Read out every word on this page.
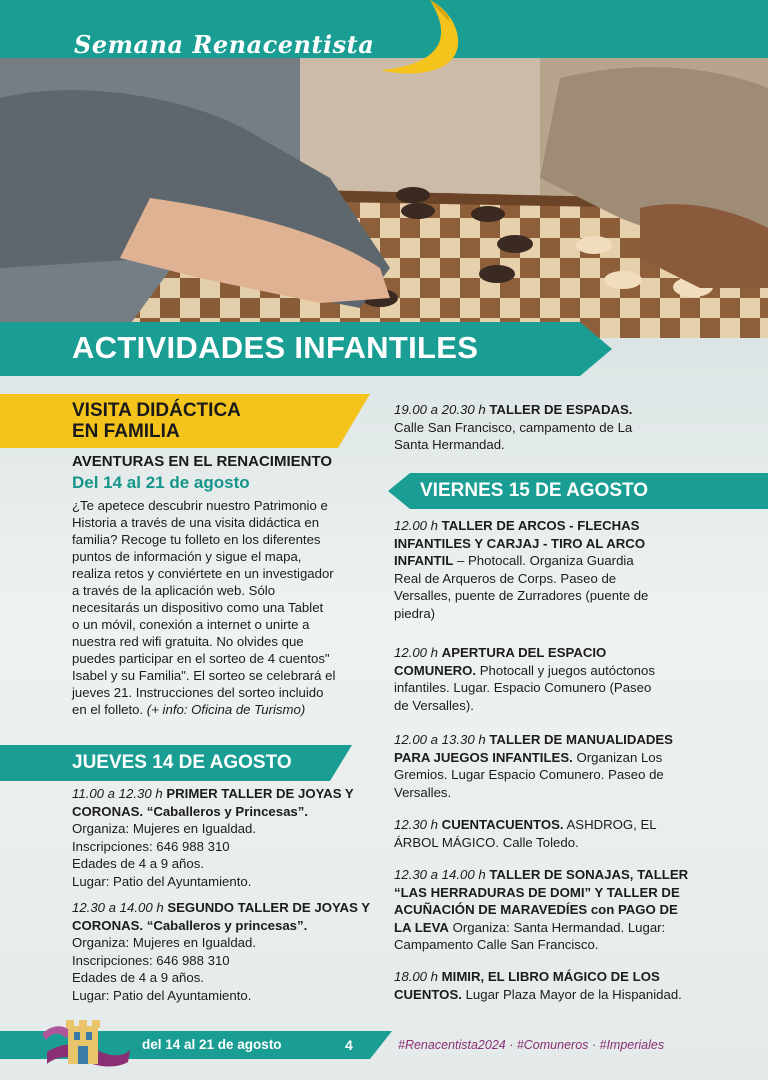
Semana Renacentista
ACTIVIDADES INFANTILES
VISITA DIDÁCTICA
EN FAMILIA
AVENTURAS EN EL RENACIMIENTO
Del 14 al 21 de agosto
¿Te apetece descubrir nuestro Patrimonio e
Historia a través de una visita didáctica en
familia? Recoge tu folleto en los diferentes
puntos de información y sigue el mapa,
realiza retos y conviértete en un investigador
a través de la aplicación web. Sólo
necesitarás un dispositivo como una Tablet
o un móvil, conexión a internet o unirte a
nuestra red wifi gratuita. No olvides que
puedes participar en el sorteo de 4 cuentos"
Isabel y su Familia". El sorteo se celebrará el
jueves 21. Instrucciones del sorteo incluido
en el folleto. (+ info: Oficina de Turismo)
JUEVES 14 DE AGOSTO
11.00 a 12.30 h PRIMER TALLER DE JOYAS Y
CORONAS. “Caballeros y Princesas”.
Organiza: Mujeres en Igualdad.
Inscripciones: 646 988 310
Edades de 4 a 9 años.
Lugar: Patio del Ayuntamiento.
12.30 a 14.00 h SEGUNDO TALLER DE JOYAS Y
CORONAS. “Caballeros y princesas”.
Organiza: Mujeres en Igualdad.
Inscripciones: 646 988 310
Edades de 4 a 9 años.
Lugar: Patio del Ayuntamiento.
19.00 a 20.30 h TALLER DE ESPADAS.
Calle San Francisco, campamento de La
Santa Hermandad.
VIERNES 15 DE AGOSTO
12.00 h TALLER DE ARCOS - FLECHAS
INFANTILES Y CARJAJ - TIRO AL ARCO
INFANTIL – Photocall. Organiza Guardia
Real de Arqueros de Corps. Paseo de
Versalles, puente de Zurradores (puente de
piedra)
12.00 h APERTURA DEL ESPACIO
COMUNERO. Photocall y juegos autóctonos
infantiles. Lugar. Espacio Comunero (Paseo
de Versalles).
12.00 a 13.30 h TALLER DE MANUALIDADES
PARA JUEGOS INFANTILES. Organizan Los
Gremios. Lugar Espacio Comunero. Paseo de
Versalles.
12.30 h CUENTACUENTOS. ASHDROG, EL
ÁRBOL MÁGICO. Calle Toledo.
12.30 a 14.00 h TALLER DE SONAJAS, TALLER
“LAS HERRADURAS DE DOMI” Y TALLER DE
ACUÑACIÓN DE MARAVEDÍES con PAGO DE
LA LEVA Organiza: Santa Hermandad. Lugar:
Campamento Calle San Francisco.
18.00 h MIMIR, EL LIBRO MÁGICO DE LOS
CUENTOS. Lugar Plaza Mayor de la Hispanidad.
del 14 al 21 de agosto	4	#Renacentista2024 · #Comuneros · #Imperiales
